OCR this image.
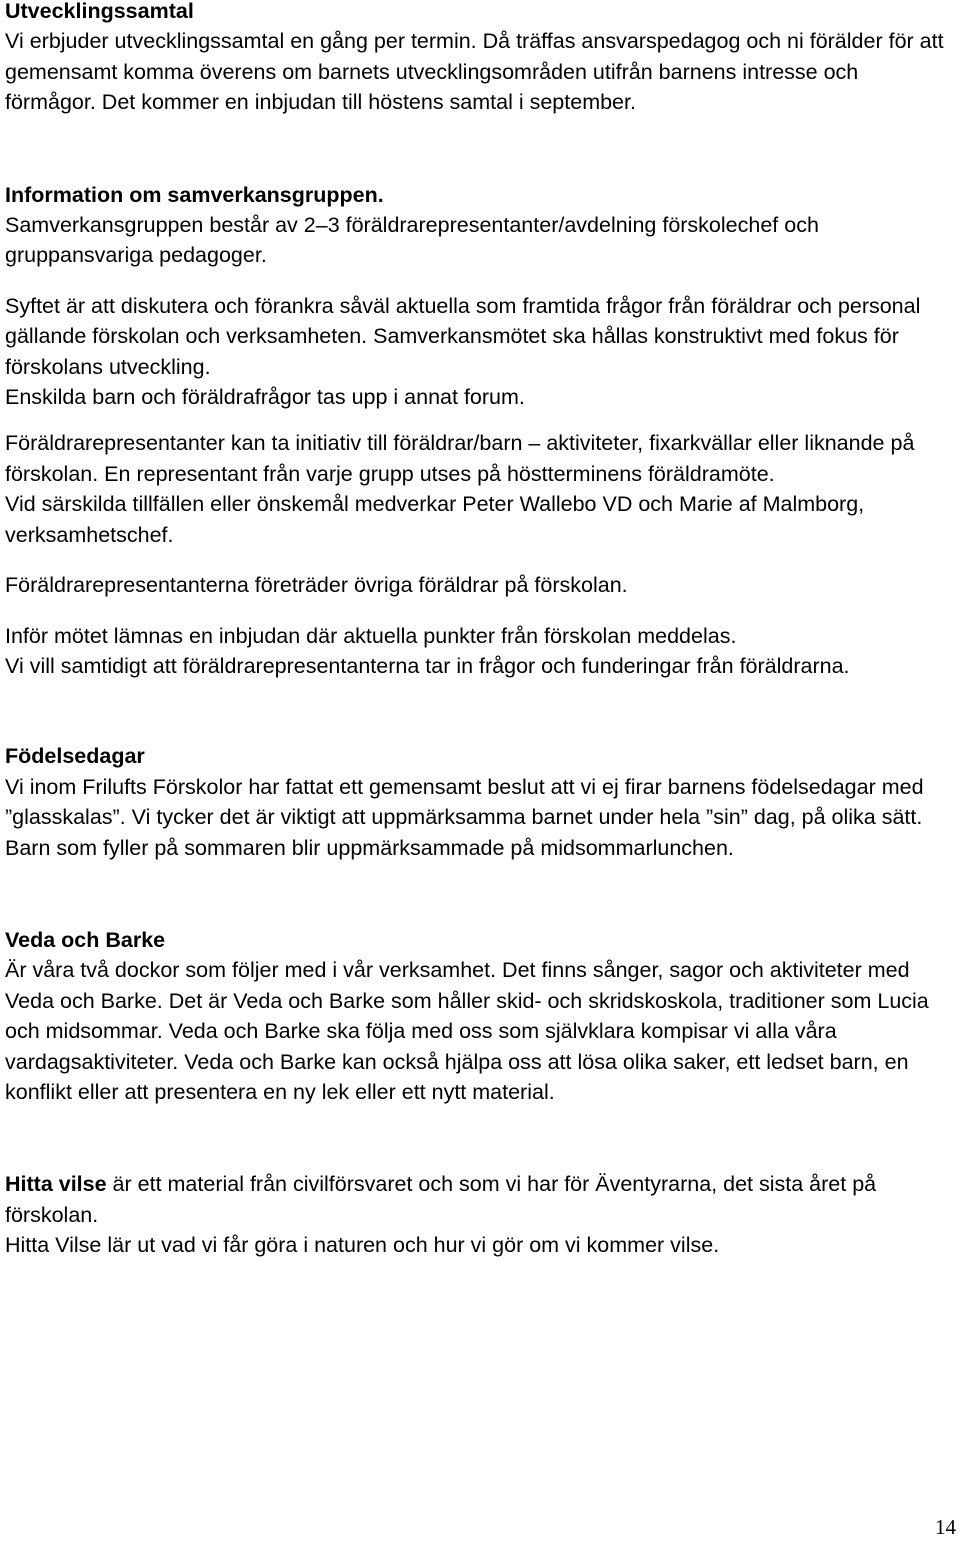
Utvecklingssamtal

Vi erbjuder utvecklingssamtal en gång per termin. Då träffas ansvarspedagog och ni förälder för att gemensamt komma överens om barnets utvecklingsområden utifrån barnens intresse och förmågor. Det kommer en inbjudan till höstens samtal i september.

Information om samverkansgruppen.

Samverkansgruppen består av 2–3 föräldrarepresentanter/avdelning förskolechef och gruppansvariga pedagoger.

Syftet är att diskutera och förankra såväl aktuella som framtida frågor från föräldrar och personal gällande förskolan och verksamheten. Samverkansmötet ska hållas konstruktivt med fokus för förskolans utveckling.

Enskilda barn och föräldrafrågor tas upp i annat forum.

Föräldrarepresentanter kan ta initiativ till föräldrar/barn – aktiviteter, fixarkvällar eller liknande på förskolan. En representant från varje grupp utses på höstterminens föräldramöte.

Vid särskilda tillfällen eller önskemål medverkar Peter Wallebo VD och Marie af Malmborg, verksamhetschef.

Föräldrarepresentanterna företräder övriga föräldrar på förskolan.

Inför mötet lämnas en inbjudan där aktuella punkter från förskolan meddelas.

Vi vill samtidigt att föräldrarepresentanterna tar in frågor och funderingar från föräldrarna.

Födelsedagar

Vi inom Frilufts Förskolor har fattat ett gemensamt beslut att vi ej firar barnens födelsedagar med ”glasskalas”. Vi tycker det är viktigt att uppmärksamma barnet under hela ”sin” dag, på olika sätt.

Barn som fyller på sommaren blir uppmärksammade på midsommarlunchen.

Veda och Barke

Är våra två dockor som följer med i vår verksamhet. Det finns sånger, sagor och aktiviteter med Veda och Barke. Det är Veda och Barke som håller skid- och skridskoskola, traditioner som Lucia och midsommar. Veda och Barke ska följa med oss som självklara kompisar vi alla våra vardagsaktiviteter. Veda och Barke kan också hjälpa oss att lösa olika saker, ett ledset barn, en konflikt eller att presentera en ny lek eller ett nytt material.

Hitta vilse är ett material från civilförsvaret och som vi har för Äventyrarna, det sista året på förskolan.

Hitta Vilse lär ut vad vi får göra i naturen och hur vi gör om vi kommer vilse.

14
